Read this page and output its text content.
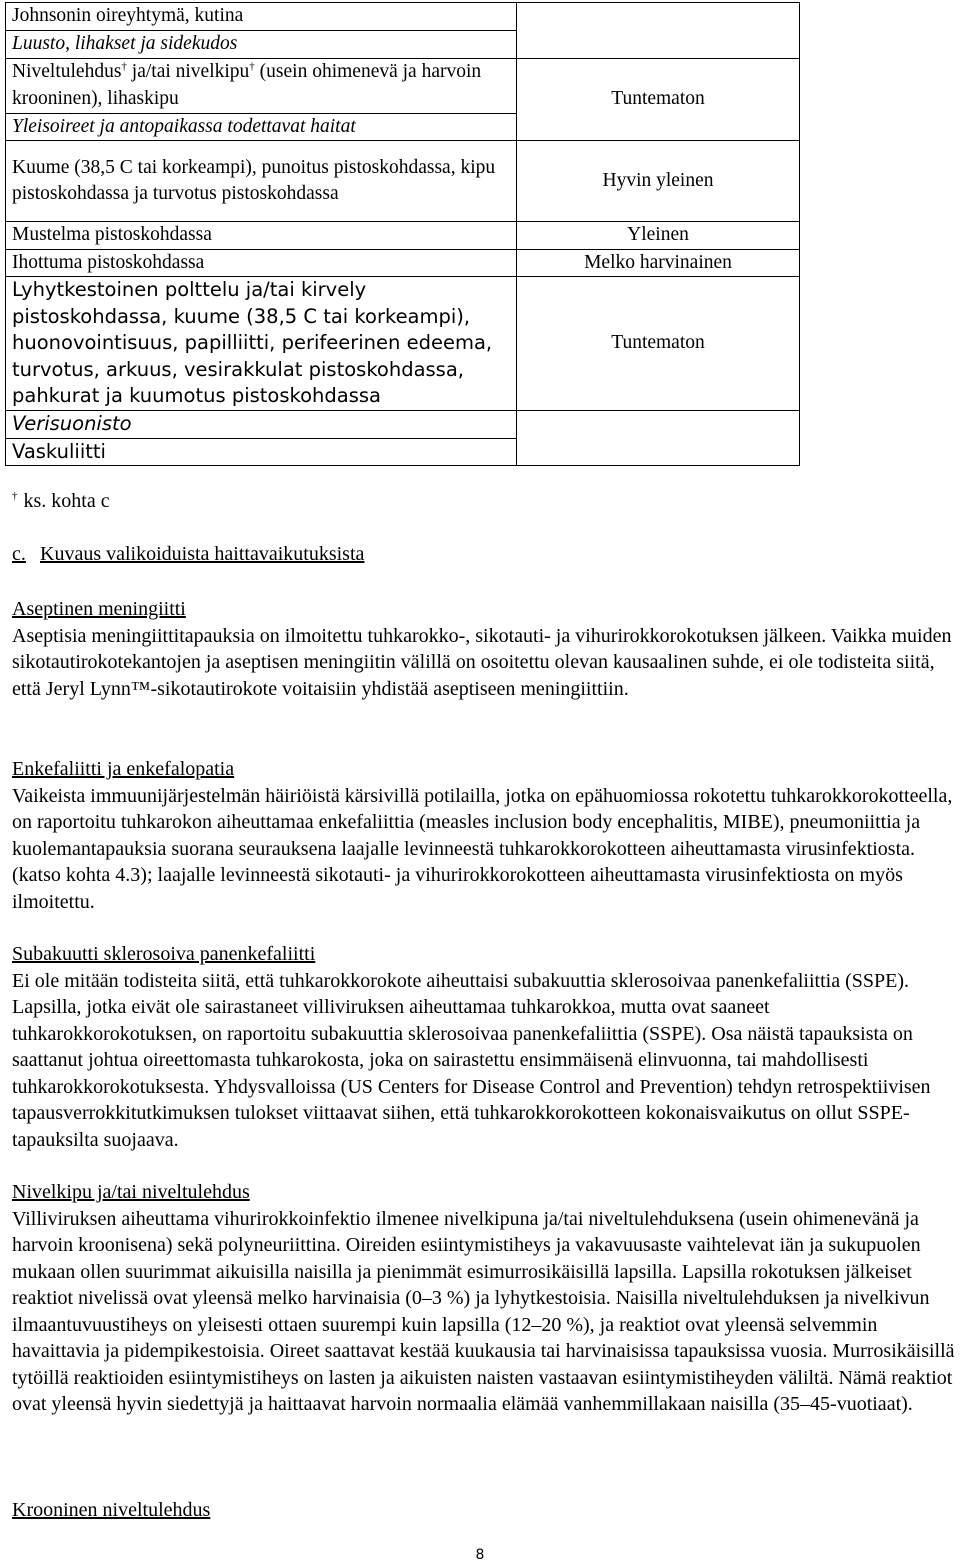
Johnsonin oireyhtymä, kutina	
Luusto, lihakset ja sidekudos	
Niveltulehdus† ja/tai nivelkipu† (usein ohimenevä ja harvoin krooninen), lihaskipu	Tuntematon
Yleisoireet ja antopaikassa todettavat haitat	
Kuume (38,5 C tai korkeampi), punoitus pistoskohdassa, kipu pistoskohdassa ja turvotus pistoskohdassa	Hyvin yleinen
Mustelma pistoskohdassa	Yleinen
Ihottuma pistoskohdassa	Melko harvinainen
Lyhytkestoinen polttelu ja/tai kirvely pistoskohdassa, kuume (38,5 C tai korkeampi), huonovointisuus, papilliitti, perifeerinen edeema, turvotus, arkuus, vesirakkulat pistoskohdassa, pahkurat ja kuumotus pistoskohdassa	Tuntematon
Verisuonisto	
Vaskuliitti	
† ks. kohta c
c. Kuvaus valikoiduista haittavaikutuksista
Aseptinen meningiitti

Aseptisia meningiittitapauksia on ilmoitettu tuhkarokko-, sikotauti- ja vihurirokkorokotuksen jälkeen. Vaikka muiden sikotautirokotekantojen ja aseptisen meningiitin välillä on osoitettu olevan kausaalinen suhde, ei ole todisteita siitä, että Jeryl Lynn™-sikotautirokote voitaisiin yhdistää aseptiseen meningiittiin.

Enkefaliitti ja enkefalopatia

Vaikeista immuunijärjestelmän häiriöistä kärsivillä potilailla, jotka on epähuomiossa rokotettu tuhkarokkorokotteella, on raportoitu tuhkarokon aiheuttamaa enkefaliittia (measles inclusion body encephalitis, MIBE), pneumoniittia ja kuolemantapauksia suorana seurauksena laajalle levinneestä tuhkarokkorokotteen aiheuttamasta virusinfektiosta. (katso kohta 4.3); laajalle levinneestä sikotauti- ja vihurirokkorokotteen aiheuttamasta virusinfektiosta on myös ilmoitettu.

Subakuutti sklerosoiva panenkefaliitti

Ei ole mitään todisteita siitä, että tuhkarokkorokote aiheuttaisi subakuuttia sklerosoivaa panenkefaliittia (SSPE). Lapsilla, jotka eivät ole sairastaneet villiviruksen aiheuttamaa tuhkarokkoa, mutta ovat saaneet tuhkarokkorokotuksen, on raportoitu subakuuttia sklerosoivaa panenkefaliittia (SSPE). Osa näistä tapauksista on saattanut johtua oireettomasta tuhkarokosta, joka on sairastettu ensimmäisenä elinvuonna, tai mahdollisesti tuhkarokkorokotuksesta. Yhdysvalloissa (US Centers for Disease Control and Prevention) tehdyn retrospektiivisen tapausverrokkitutkimuksen tulokset viittaavat siihen, että tuhkarokkorokotteen kokonaisvaikutus on ollut SSPE-tapauksilta suojaava.

Nivelkipu ja/tai niveltulehdus

Villiviruksen aiheuttama vihurirokkoinfektio ilmenee nivelkipuna ja/tai niveltulehduksena (usein ohimenevänä ja harvoin kroonisena) sekä polyneuriittina. Oireiden esiintymistiheys ja vakavuusaste vaihtelevat iän ja sukupuolen mukaan ollen suurimmat aikuisilla naisilla ja pienimmät esimurrosikäisillä lapsilla. Lapsilla rokotuksen jälkeiset reaktiot nivelissä ovat yleensä melko harvinaisia (0–3 %) ja lyhytkestoisia. Naisilla niveltulehduksen ja nivelkivun ilmaantuvuustiheys on yleisesti ottaen suurempi kuin lapsilla (12–20 %), ja reaktiot ovat yleensä selvemmin havaittavia ja pidempikestoisia. Oireet saattavat kestää kuukausia tai harvinaisissa tapauksissa vuosia. Murrosikäisillä tytöillä reaktioiden esiintymistiheys on lasten ja aikuisten naisten vastaavan esiintymistiheyden väliltä. Nämä reaktiot ovat yleensä hyvin siedettyjä ja haittaavat harvoin normaalia elämää vanhemmillakaan naisilla (35–45-vuotiaat).

Krooninen niveltulehdus
8
